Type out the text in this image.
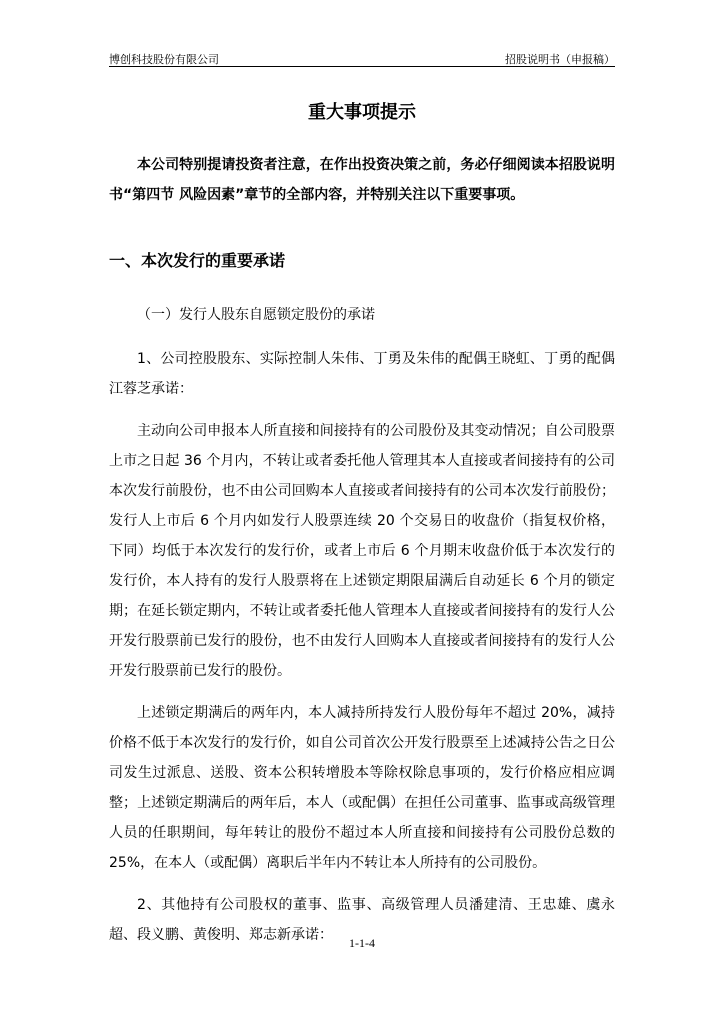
博创科技股份有限公司	招股说明书（申报稿）
重大事项提示

本公司特别提请投资者注意，在作出投资决策之前，务必仔细阅读本招股说明书“第四节 风险因素”章节的全部内容，并特别关注以下重要事项。

一、本次发行的重要承诺
（一）发行人股东自愿锁定股份的承诺

1、公司控股股东、实际控制人朱伟、丁勇及朱伟的配偶王晓虹、丁勇的配偶江蓉芝承诺：

主动向公司申报本人所直接和间接持有的公司股份及其变动情况；自公司股票上市之日起 36 个月内，不转让或者委托他人管理其本人直接或者间接持有的公司本次发行前股份，也不由公司回购本人直接或者间接持有的公司本次发行前股份；发行人上市后 6 个月内如发行人股票连续 20 个交易日的收盘价（指复权价格，下同）均低于本次发行的发行价，或者上市后 6 个月期末收盘价低于本次发行的发行价，本人持有的发行人股票将在上述锁定期限届满后自动延长 6 个月的锁定期；在延长锁定期内，不转让或者委托他人管理本人直接或者间接持有的发行人公开发行股票前已发行的股份，也不由发行人回购本人直接或者间接持有的发行人公开发行股票前已发行的股份。

上述锁定期满后的两年内，本人减持所持发行人股份每年不超过 20%，减持价格不低于本次发行的发行价，如自公司首次公开发行股票至上述减持公告之日公司发生过派息、送股、资本公积转增股本等除权除息事项的，发行价格应相应调整；上述锁定期满后的两年后，本人（或配偶）在担任公司董事、监事或高级管理人员的任职期间，每年转让的股份不超过本人所直接和间接持有公司股份总数的 25%，在本人（或配偶）离职后半年内不转让本人所持有的公司股份。

2、其他持有公司股权的董事、监事、高级管理人员潘建清、王忠雄、虞永超、段义鹏、黄俊明、郑志新承诺：	1-1-4
